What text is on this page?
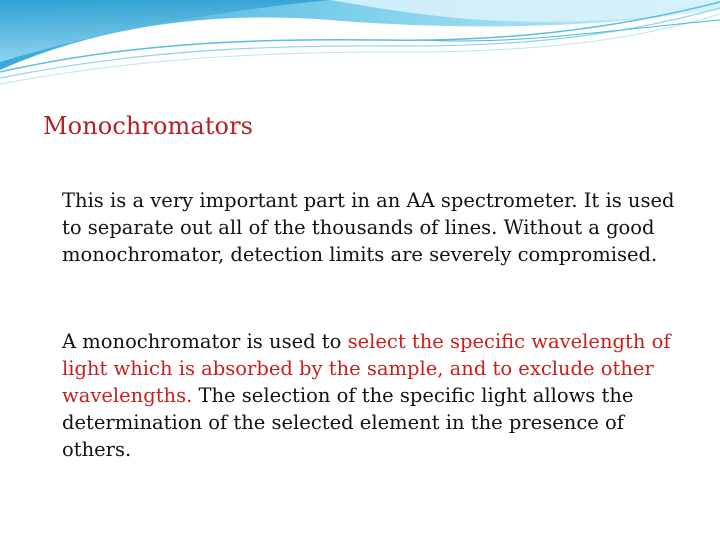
Monochromators

This is a very important part in an AA spectrometer. It is used to separate out all of the thousands of lines. Without a good monochromator, detection limits are severely compromised.

A monochromator is used to select the specific wavelength of light which is absorbed by the sample, and to exclude other wavelengths. The selection of the specific light allows the determination of the selected element in the presence of others.
